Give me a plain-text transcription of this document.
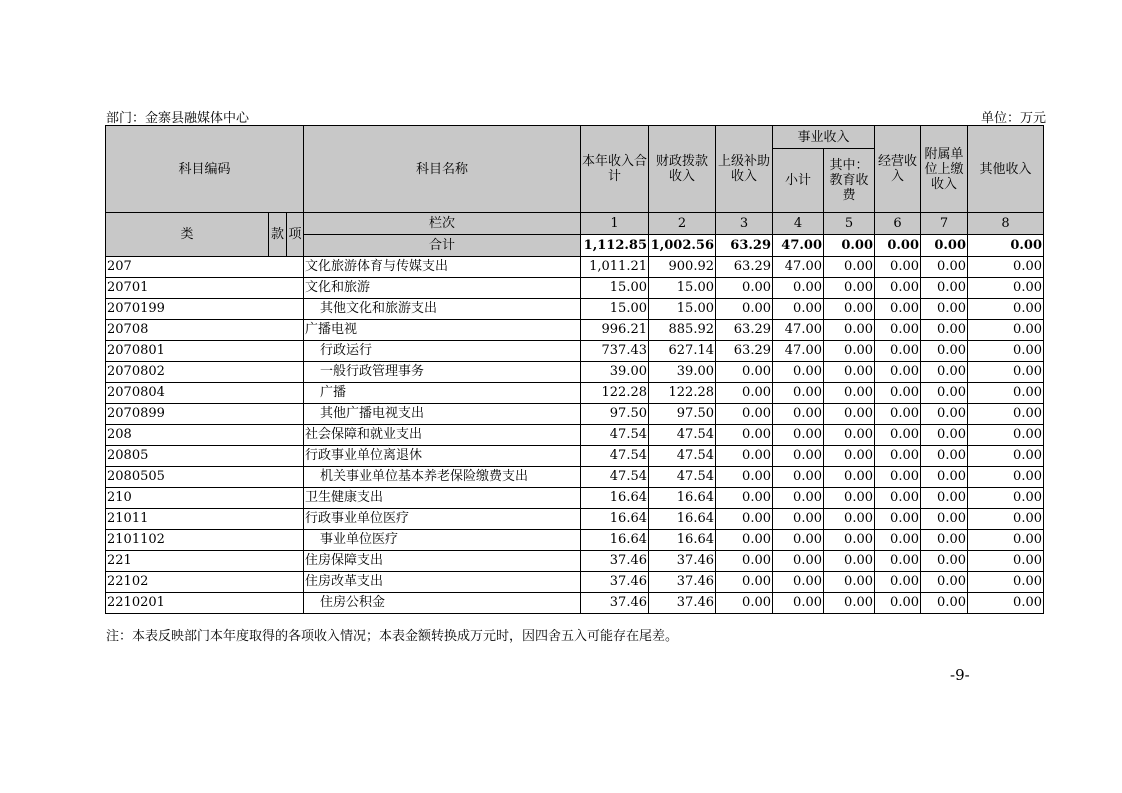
部门：金寨县融媒体中心	单位：万元
科目编码			科目名称	本年收入合计	财政拨款收入	上级补助收入	事业收入		经营收入	附属单位上缴收入	其他收入
							小计	其中：教育收费			
类	款	项	栏次	1	2	3	4	5	6	7	8
			合计	1,112.85	1,002.56	63.29	47.00	0.00	0.00	0.00	0.00
207			文化旅游体育与传媒支出	1,011.21	900.92	63.29	47.00	0.00	0.00	0.00	0.00
20701			文化和旅游	15.00	15.00	0.00	0.00	0.00	0.00	0.00	0.00
2070199			其他文化和旅游支出	15.00	15.00	0.00	0.00	0.00	0.00	0.00	0.00
20708			广播电视	996.21	885.92	63.29	47.00	0.00	0.00	0.00	0.00
2070801			行政运行	737.43	627.14	63.29	47.00	0.00	0.00	0.00	0.00
2070802			一般行政管理事务	39.00	39.00	0.00	0.00	0.00	0.00	0.00	0.00
2070804			广播	122.28	122.28	0.00	0.00	0.00	0.00	0.00	0.00
2070899			其他广播电视支出	97.50	97.50	0.00	0.00	0.00	0.00	0.00	0.00
208			社会保障和就业支出	47.54	47.54	0.00	0.00	0.00	0.00	0.00	0.00
20805			行政事业单位离退休	47.54	47.54	0.00	0.00	0.00	0.00	0.00	0.00
2080505			机关事业单位基本养老保险缴费支出	47.54	47.54	0.00	0.00	0.00	0.00	0.00	0.00
210			卫生健康支出	16.64	16.64	0.00	0.00	0.00	0.00	0.00	0.00
21011			行政事业单位医疗	16.64	16.64	0.00	0.00	0.00	0.00	0.00	0.00
2101102			事业单位医疗	16.64	16.64	0.00	0.00	0.00	0.00	0.00	0.00
221			住房保障支出	37.46	37.46	0.00	0.00	0.00	0.00	0.00	0.00
22102			住房改革支出	37.46	37.46	0.00	0.00	0.00	0.00	0.00	0.00
2210201			住房公积金	37.46	37.46	0.00	0.00	0.00	0.00	0.00	0.00
注：本表反映部门本年度取得的各项收入情况；本表金额转换成万元时，因四舍五入可能存在尾差。
-9-
